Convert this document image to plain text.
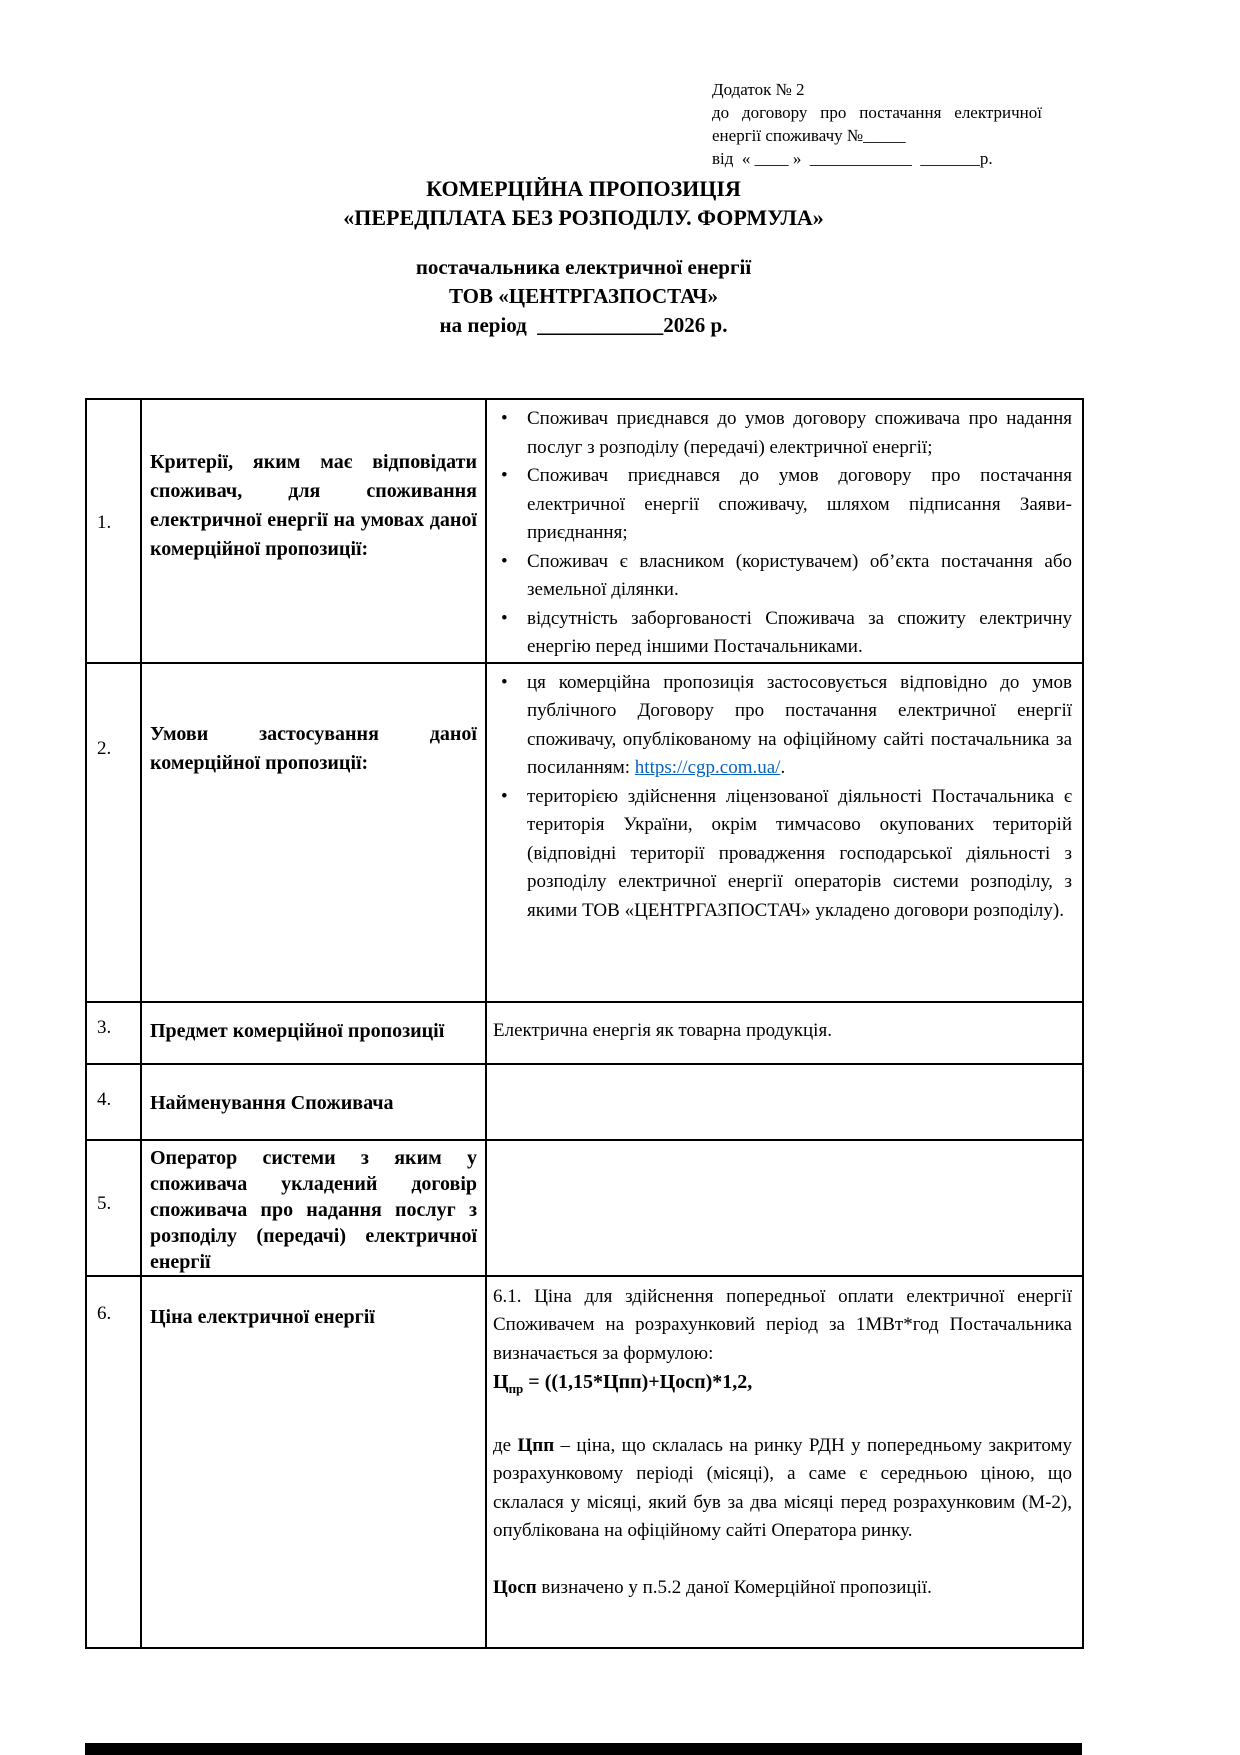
Додаток № 2
до договору про постачання електричної
енергії споживачу №_____
від  « ____ »  ____________  _______р.
КОМЕРЦІЙНА ПРОПОЗИЦІЯ
«ПЕРЕДПЛАТА БЕЗ РОЗПОДІЛУ. ФОРМУЛА»
постачальника електричної енергії
ТОВ «ЦЕНТРГАЗПОСТАЧ»
на період  ____________2026 р.
1.	Критерії, яким має відповідати споживач, для споживання електричної енергії на умовах даної комерційної пропозиції:	
•	Споживач приєднався до умов договору споживача про надання послуг з розподілу (передачі) електричної енергії;
•	Споживач приєднався до умов договору про постачання електричної енергії споживачу, шляхом підписання Заяви-приєднання;
•	Споживач є власником (користувачем) об’єкта постачання або земельної ділянки.
•	відсутність заборгованості Споживача за спожиту електричну енергію перед іншими Постачальниками.

2.	Умови застосування даної комерційної пропозиції:	• ця комерційна пропозиція застосовується відповідно до умов публічного Договору про постачання електричної енергії споживачу, опублікованому на офіційному сайті постачальника за посиланням: https://cgp.com.ua/.
• територією здійснення ліцензованої діяльності Постачальника є територія України, окрім тимчасово окупованих територій (відповідні території провадження господарської діяльності з розподілу електричної енергії операторів системи розподілу, з якими ТОВ «ЦЕНТРГАЗПОСТАЧ» укладено договори розподілу).

3.	Предмет комерційної пропозиції	Електрична енергія як товарна продукція.

4.	Найменування Споживача	
5.	Оператор системи з яким у споживача укладений договір споживача про надання послуг з розподілу (передачі) електричної енергії	
6.	Ціна електричної енергії	6.1. Ціна для здійснення попередньої оплати електричної енергії Споживачем на розрахунковий період за 1МВт*год Постачальника визначається за формулою:
$Ц_{пр}$ = ((1,15*Цпп)+Цосп)*1,2,
де Цпп – ціна, що склалась на ринку РДН у попередньому закритому розрахунковому періоді (місяці), а саме є середньою ціною, що склалася у місяці, який був за два місяці перед розрахунковим (М-2), опублікована на офіційному сайті Оператора ринку.
Цосп визначено у п.5.2 даної Комерційної пропозиції.
